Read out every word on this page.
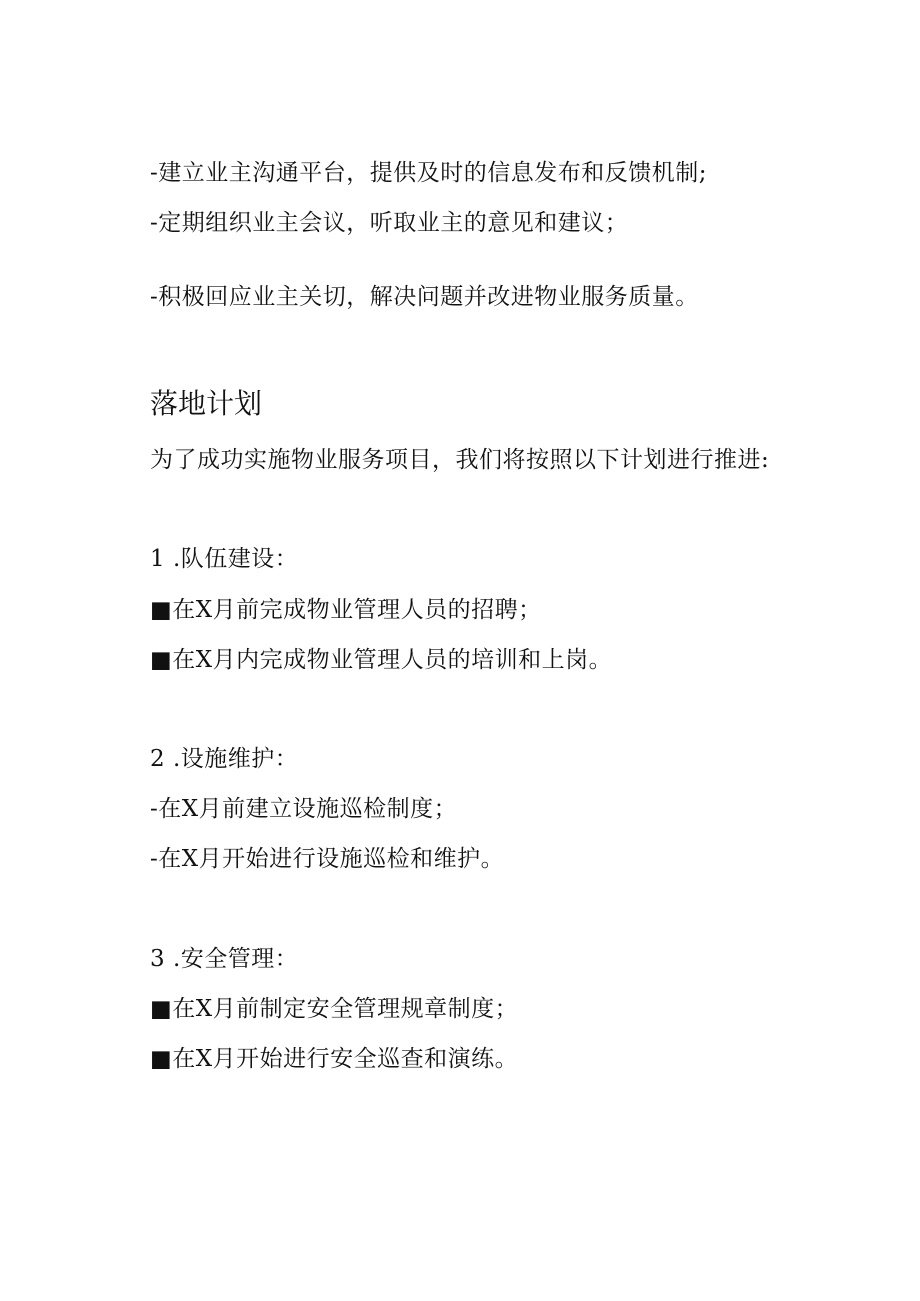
-建立业主沟通平台，提供及时的信息发布和反馈机制;

-定期组织业主会议，听取业主的意见和建议；

-积极回应业主关切，解决问题并改进物业服务质量。

落地计划

为了成功实施物业服务项目，我们将按照以下计划进行推进:

1 .队伍建设：

■在X月前完成物业管理人员的招聘；

■在X月内完成物业管理人员的培训和上岗。

2 .设施维护：

-在X月前建立设施巡检制度；

-在X月开始进行设施巡检和维护。

3 .安全管理：

■在X月前制定安全管理规章制度；

■在X月开始进行安全巡查和演练。
